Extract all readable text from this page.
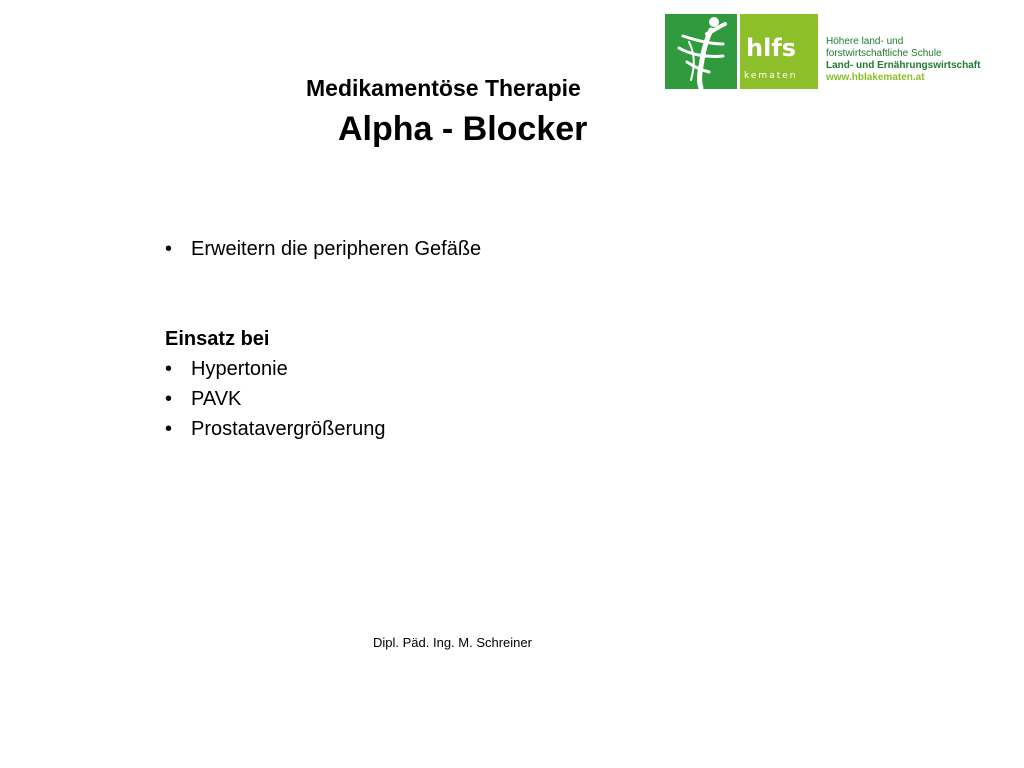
hlfs
kematen
Höhere land- und
forstwirtschaftliche Schule
Land- und Ernährungswirtschaft
www.hblakematen.at
Medikamentöse Therapie
Alpha - Blocker
• Erweitern die peripheren Gefäße
Einsatz bei
• Hypertonie
• PAVK
• Prostatavergrößerung
Dipl. Päd. Ing. M. Schreiner
